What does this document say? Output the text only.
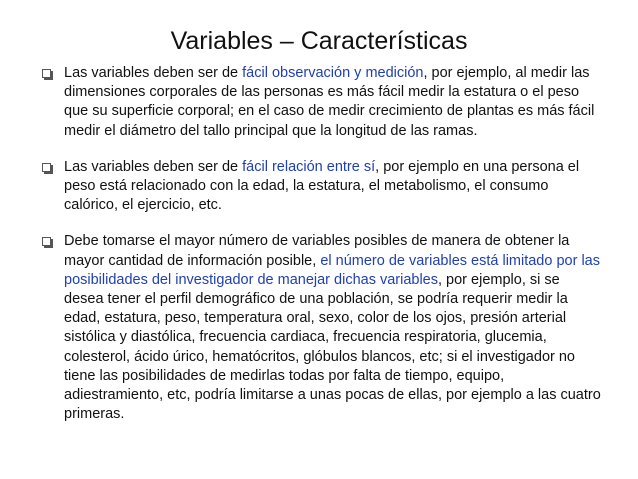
Variables – Características
Las variables deben ser de fácil observación y medición, por ejemplo, al medir las dimensiones corporales de las personas es más fácil medir la estatura o el peso que su superficie corporal; en el caso de medir crecimiento de plantas es más fácil medir el diámetro del tallo principal que la longitud de las ramas.
Las variables deben ser de fácil relación entre sí, por ejemplo en una persona el peso está relacionado con la edad, la estatura, el metabolismo, el consumo calórico, el ejercicio, etc.
Debe tomarse el mayor número de variables posibles de manera de obtener la mayor cantidad de información posible, el número de variables está limitado por las posibilidades del investigador de manejar dichas variables, por ejemplo, si se desea tener el perfil demográfico de una población, se podría requerir medir la edad, estatura, peso, temperatura oral, sexo, color de los ojos, presión arterial sistólica y diastólica, frecuencia cardiaca, frecuencia respiratoria, glucemia, colesterol, ácido úrico, hematócritos, glóbulos blancos, etc; si el investigador no tiene las posibilidades de medirlas todas por falta de tiempo, equipo, adiestramiento, etc, podría limitarse a unas pocas de ellas, por ejemplo a las cuatro primeras.
